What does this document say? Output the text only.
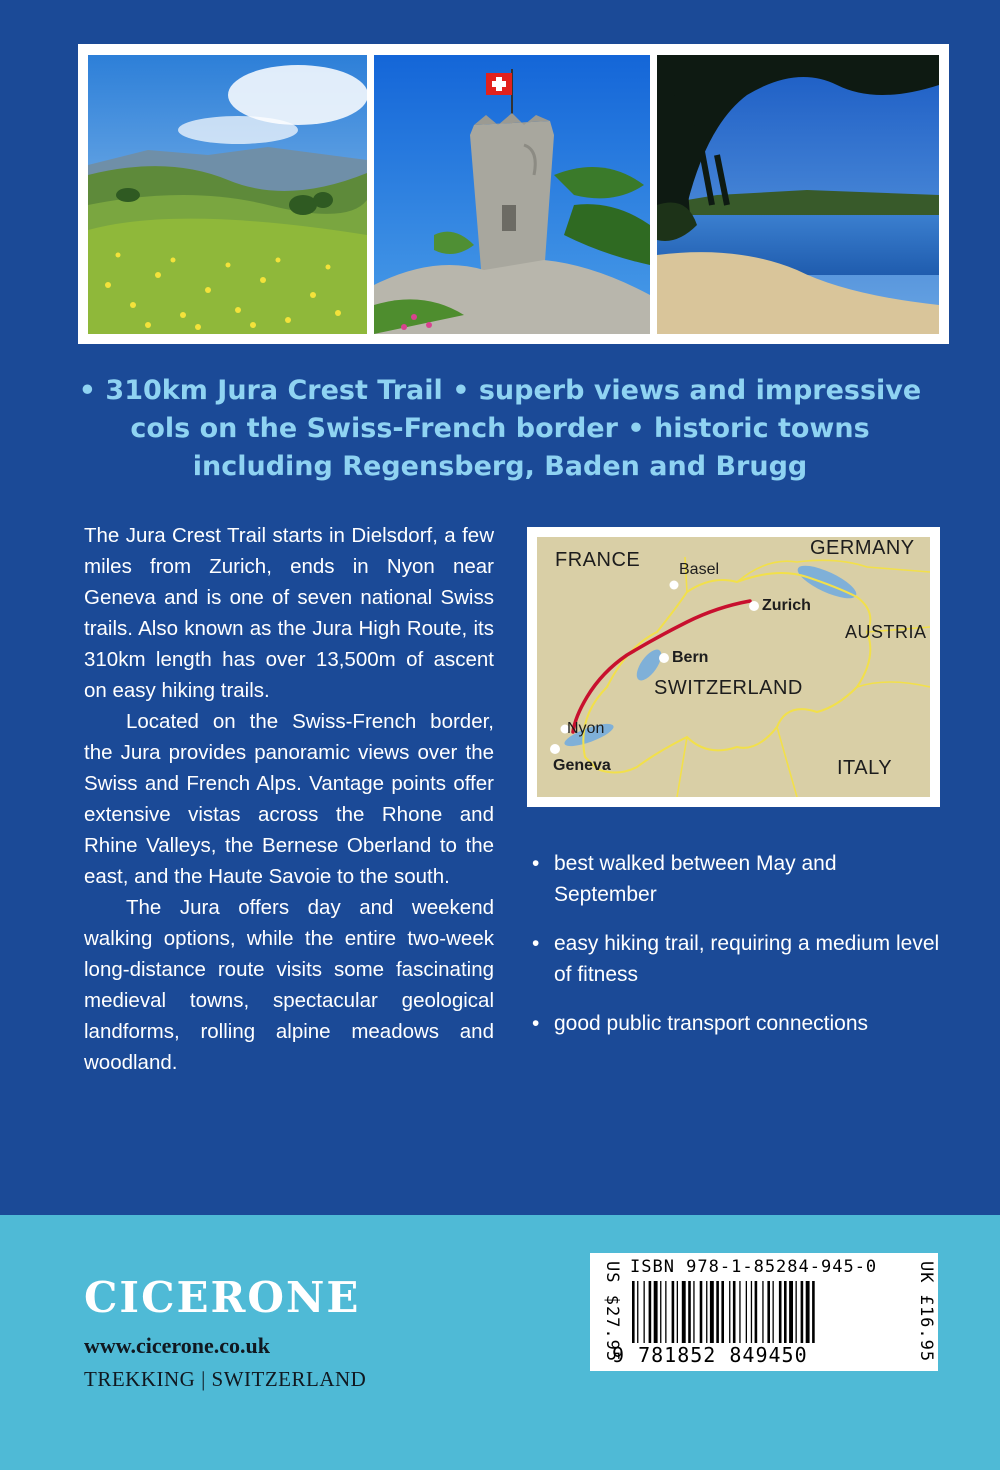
• 310km Jura Crest Trail • superb views and impressive cols on the Swiss-French border • historic towns including Regensberg, Baden and Brugg

The Jura Crest Trail starts in Dielsdorf, a few miles from Zurich, ends in Nyon near Geneva and is one of seven national Swiss trails. Also known as the Jura High Route, its 310km length has over 13,500m of ascent on easy hiking trails.

Located on the Swiss-French border, the Jura provides panoramic views over the Swiss and French Alps. Vantage points offer extensive vistas across the Rhone and Rhine Valleys, the Bernese Oberland to the east, and the Haute Savoie to the south.

The Jura offers day and weekend walking options, while the entire two-week long-distance route visits some fascinating medieval towns, spectacular geological landforms, rolling alpine meadows and woodland.

FRANCE
GERMANY
AUSTRIA
SWITZERLAND
ITALY
Basel
Zurich
Bern
Nyon
Geneva
• best walked between May and September
• easy hiking trail, requiring a medium level of fitness
• good public transport connections
CICERONE
www.cicerone.co.uk
TREKKING | SWITZERLAND
US $27.95 ISBN 978-1-85284-945-0
9 781852 849450	UK £16.95
